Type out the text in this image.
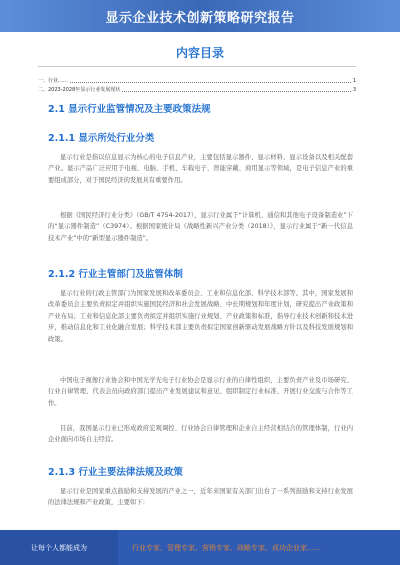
显示企业技术创新策略研究报告
内容目录
一、行业……	1
二、2023-2028年显示行业发展现状	3
2.1 显示行业监管情况及主要政策法规
2.1.1 显示所处行业分类
显示行业是指以信息显示为核心的电子信息产业，主要包括显示器件、显示材料、显示设备以及相关配套产业。显示产品广泛应用于电视、电脑、手机、车载电子、智能穿戴、商用显示等领域，是电子信息产业的重要组成部分，对于国民经济的发展具有重要作用。
根据《国民经济行业分类》（GB/T 4754-2017），显示行业属于“计算机、通信和其他电子设备制造业”下的“显示器件制造”（C3974）。根据国家统计局《战略性新兴产业分类（2018）》，显示行业属于“新一代信息技术产业”中的“新型显示器件制造”。
2.1.2 行业主管部门及监管体制
显示行业的行政主管部门为国家发展和改革委员会、工业和信息化部、科学技术部等。其中，国家发展和改革委员会主要负责拟定并组织实施国民经济和社会发展战略、中长期规划和年度计划，研究提出产业政策和产业布局；工业和信息化部主要负责拟定并组织实施行业规划、产业政策和标准，指导行业技术创新和技术进步，推动信息化和工业化融合发展；科学技术部主要负责拟定国家创新驱动发展战略方针以及科技发展规划和政策。
中国电子视像行业协会和中国光学光电子行业协会是显示行业的自律性组织，主要负责产业及市场研究、行业自律管理、代表会员向政府部门提出产业发展建议和意见、组织制定行业标准、开展行业交流与合作等工作。
目前，我国显示行业已形成政府宏观调控、行业协会自律管理和企业自主经营相结合的管理体制，行业内企业面向市场自主经营。
2.1.3 行业主要法律法规及政策
显示行业是国家重点鼓励和支持发展的产业之一，近年来国家有关部门出台了一系列鼓励和支持行业发展的法律法规和产业政策，主要如下：
让每个人都能成为	行业专家、管理专家、营销专家、战略专家、成功企业家……
